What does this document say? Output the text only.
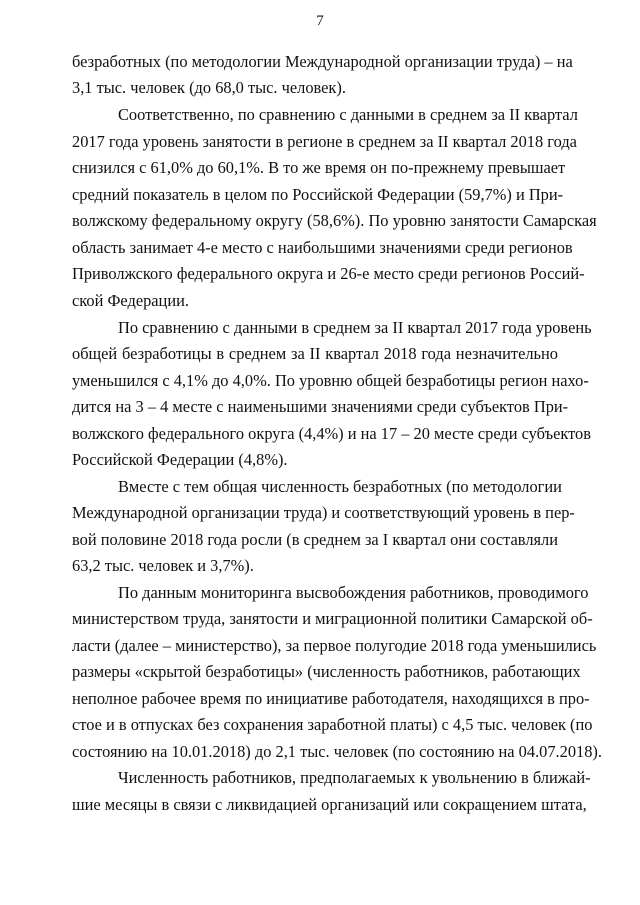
7
безработных (по методологии Международной организации труда) – на
3,1 тыс. человек (до 68,0 тыс. человек).
Соответственно, по сравнению с данными в среднем за II квартал
2017 года уровень занятости в регионе в среднем за II квартал 2018 года
снизился с 61,0% до 60,1%. В то же время он по-прежнему превышает
средний показатель в целом по Российской Федерации (59,7%) и При-
волжскому федеральному округу (58,6%). По уровню занятости Самарская
область занимает 4-е место с наибольшими значениями среди регионов
Приволжского федерального округа и 26-е место среди регионов Россий-
ской Федерации.
По сравнению с данными в среднем за II квартал 2017 года уровень
общей безработицы в среднем за II квартал 2018 года незначительно
уменьшился с 4,1% до 4,0%. По уровню общей безработицы регион нахо-
дится на 3 – 4 месте с наименьшими значениями среди субъектов При-
волжского федерального округа (4,4%) и на 17 – 20 месте среди субъектов
Российской Федерации (4,8%).
Вместе с тем общая численность безработных (по методологии
Международной организации труда) и соответствующий уровень в пер-
вой половине 2018 года росли (в среднем за I квартал они составляли
63,2 тыс. человек и 3,7%).
По данным мониторинга высвобождения работников, проводимого
министерством труда, занятости и миграционной политики Самарской об-
ласти (далее – министерство), за первое полугодие 2018 года уменьшились
размеры «скрытой безработицы» (численность работников, работающих
неполное рабочее время по инициативе работодателя, находящихся в про-
стое и в отпусках без сохранения заработной платы) с 4,5 тыс. человек (по
состоянию на 10.01.2018) до 2,1 тыс. человек (по состоянию на 04.07.2018).
Численность работников, предполагаемых к увольнению в ближай-
шие месяцы в связи с ликвидацией организаций или сокращением штата,
